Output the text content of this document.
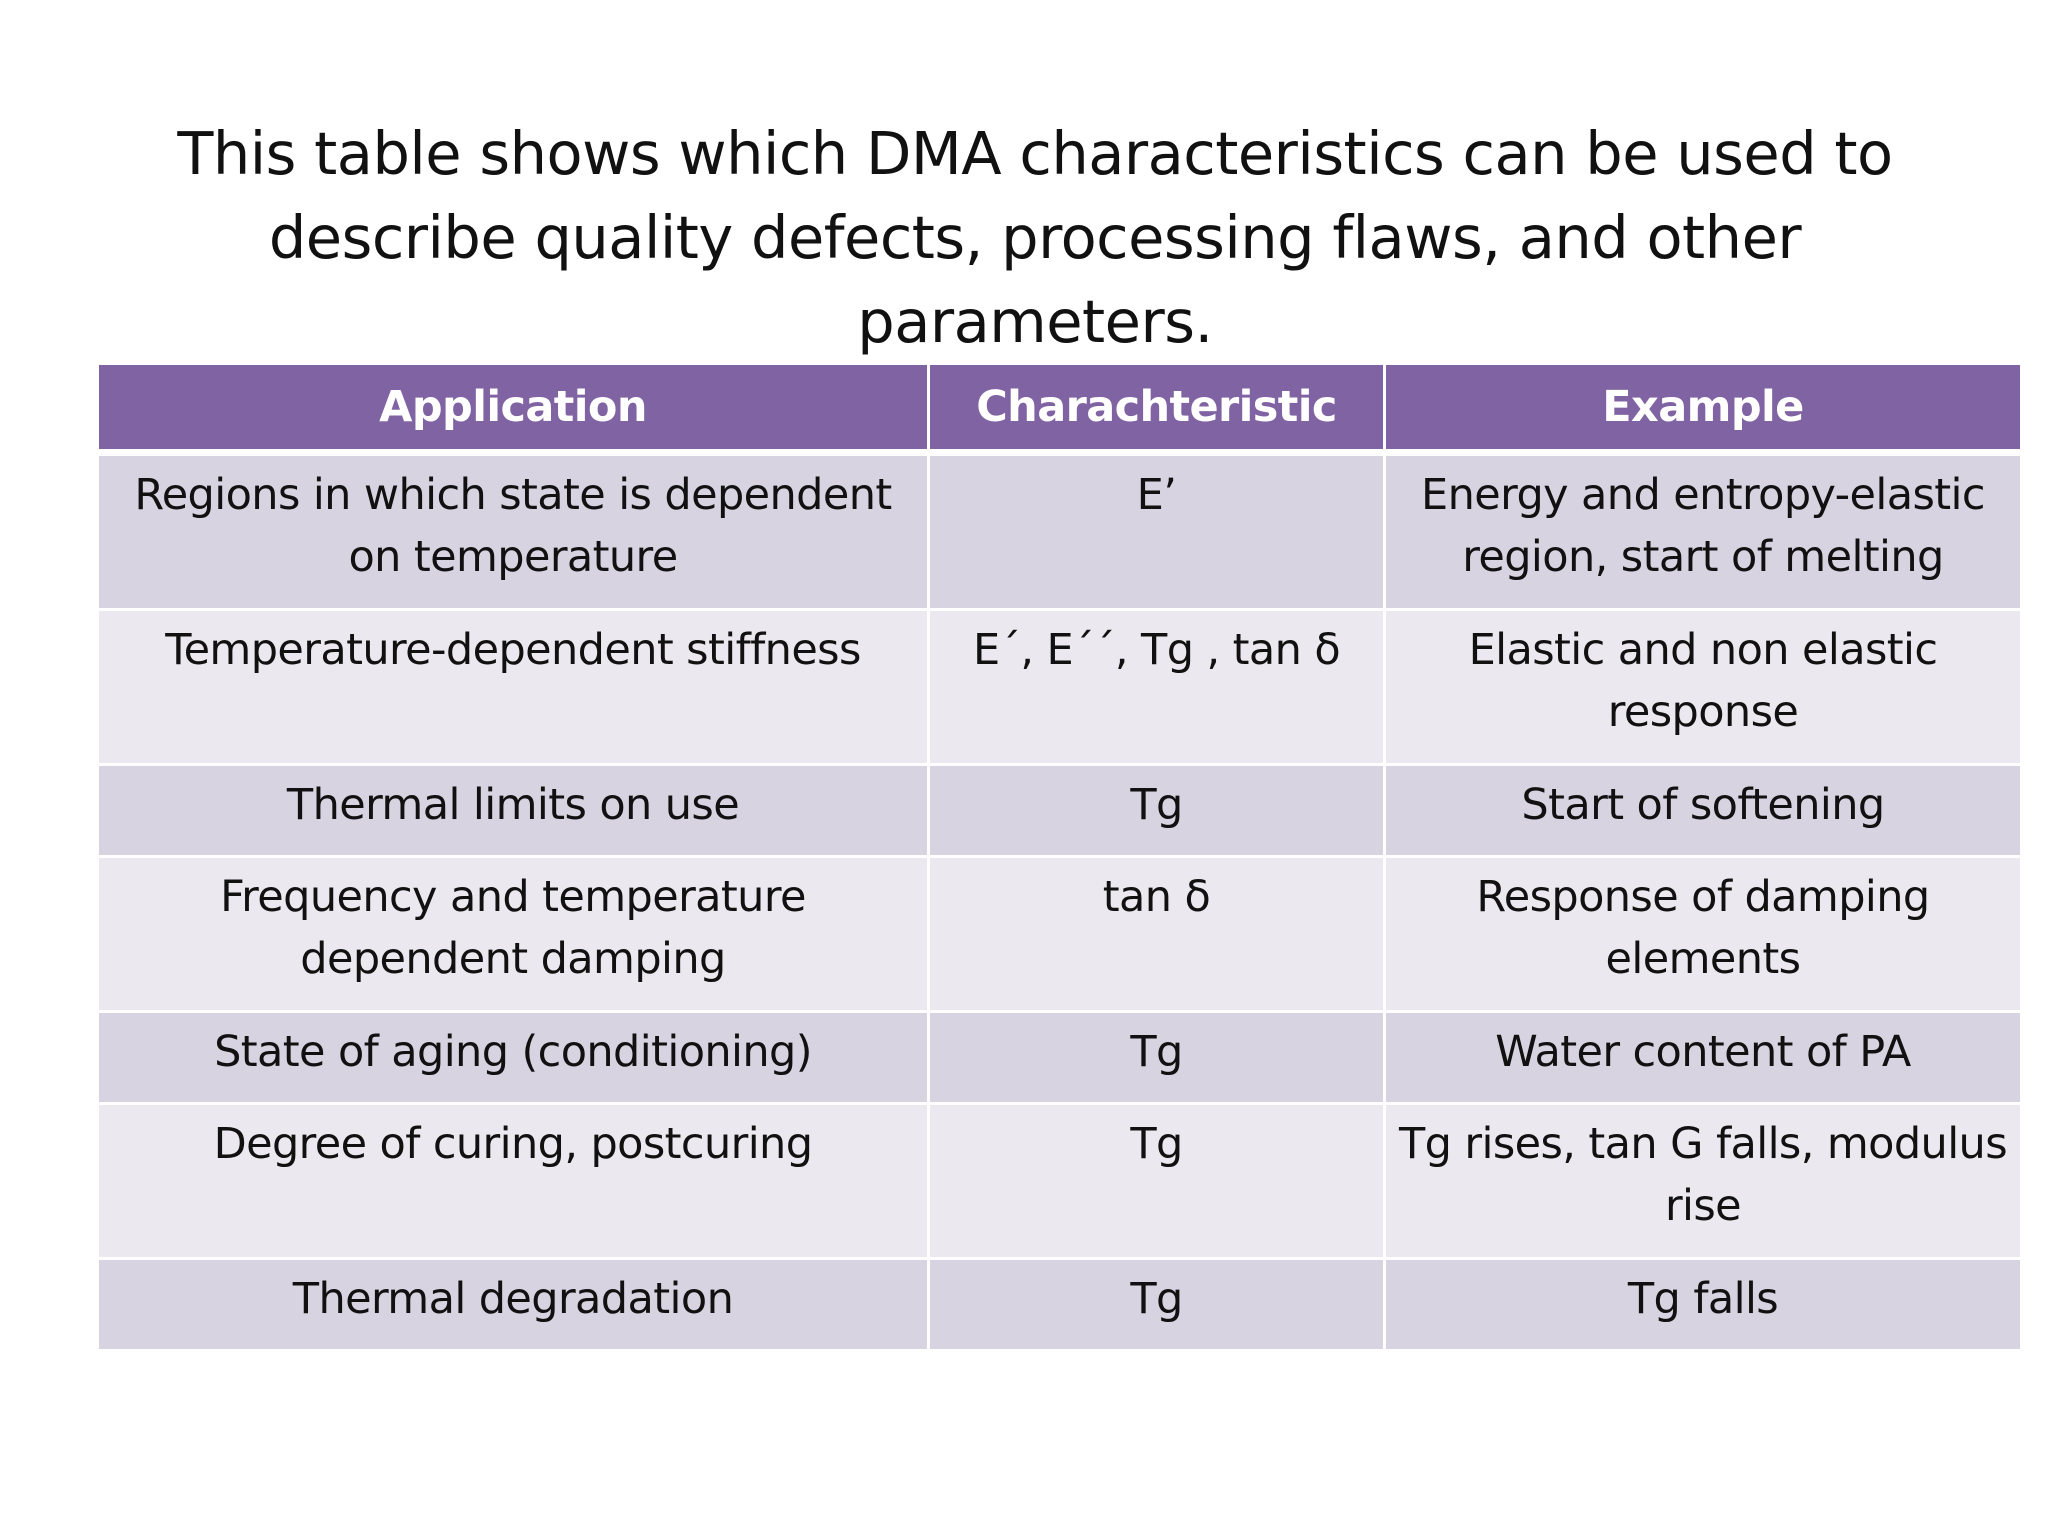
This table shows which DMA characteristics can be used to
describe quality defects, processing flaws, and other parameters.
Application	Charachteristic	Example
Regions in which state is dependent on temperature	E’	Energy and entropy-elastic region, start of melting
Temperature-dependent stiffness	E´, E´´, Tg , tan δ	Elastic and non elastic response
Thermal limits on use	Tg	Start of softening
Frequency and temperature dependent damping	tan δ	Response of damping elements
State of aging (conditioning)	Tg	Water content of PA
Degree of curing, postcuring	Tg	Tg rises, tan G falls, modulus rise
Thermal degradation	Tg	Tg falls
